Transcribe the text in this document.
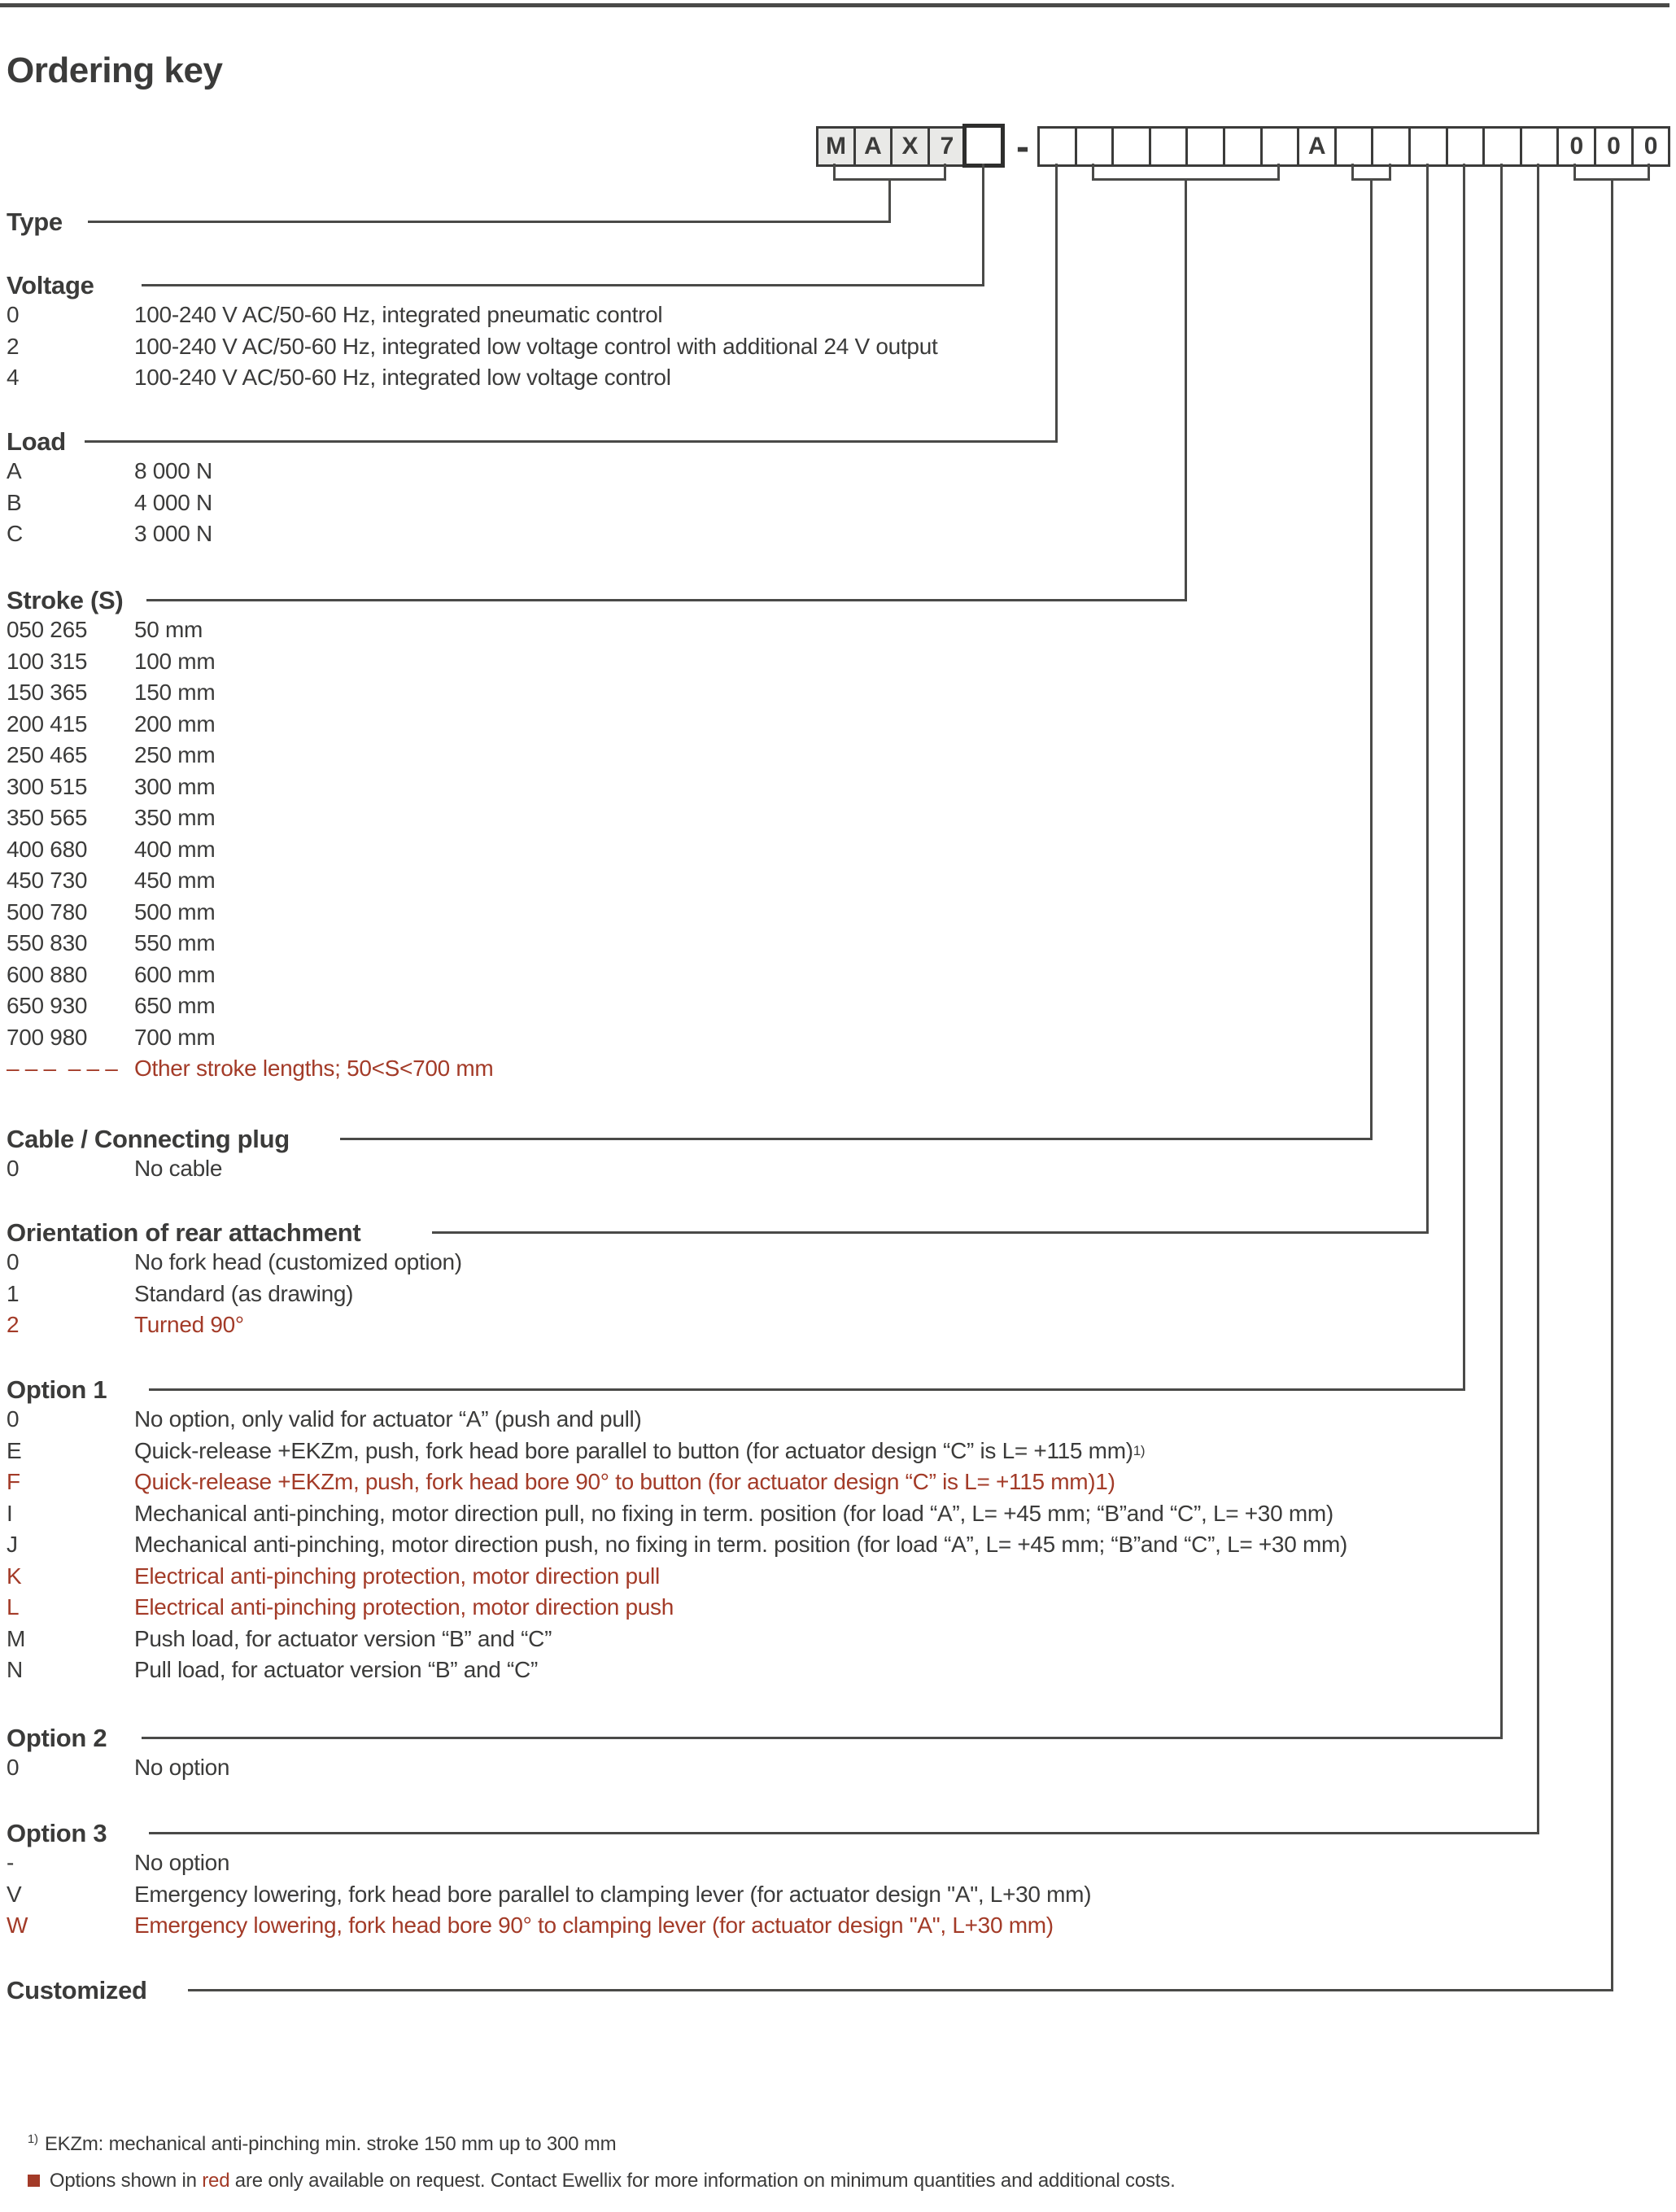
Ordering key
M A X 7 -	A	0 0 0
Type
Voltage
0	100-240 V AC/50-60 Hz, integrated pneumatic control
2	100-240 V AC/50-60 Hz, integrated low voltage control with additional 24 V output
4	100-240 V AC/50-60 Hz, integrated low voltage control
Load
A	8 000 N
B	4 000 N
C	3 000 N
Stroke (S)
050 265	50 mm
100 315	100 mm
150 365	150 mm
200 415	200 mm
250 465	250 mm
300 515	300 mm
350 565	350 mm
400 680	400 mm
450 730	450 mm
500 780	500 mm
550 830	550 mm
600 880	600 mm
650 930	650 mm
700 980	700 mm
– – –  – – – Other stroke lengths; 50<S<700 mm
Cable / Connecting plug
0	No cable
Orientation of rear attachment
0	No fork head (customized option)
1	Standard (as drawing)
2	Turned 90°
Option 1
0	No option, only valid for actuator “A” (push and pull)
E	Quick-release +EKZm, push, fork head bore parallel to button (for actuator design “C” is L= +115 mm) 1)
F	Quick-release +EKZm, push, fork head bore 90° to button (for actuator design “C” is L= +115 mm)1)
I	Mechanical anti-pinching, motor direction pull, no fixing in term. position (for load “A”, L= +45 mm; “B”and “C”, L= +30 mm)
J	Mechanical anti-pinching, motor direction push, no fixing in term. position (for load “A”, L= +45 mm; “B”and “C”, L= +30 mm)
K	Electrical anti-pinching protection, motor direction pull
L	Electrical anti-pinching protection, motor direction push
M	Push load, for actuator version “B” and “C”
N	Pull load, for actuator version “B” and “C”
Option 2
0	No option
Option 3
-	No option
V	Emergency lowering, fork head bore parallel to clamping lever (for actuator design "A", L+30 mm)
W	Emergency lowering, fork head bore 90° to clamping lever (for actuator design "A", L+30 mm)
Customized

$^{1)}$ EKZm: mechanical anti-pinching min. stroke 150 mm up to 300 mm

Options shown in red are only available on request. Contact Ewellix for more information on minimum quantities and additional costs.
